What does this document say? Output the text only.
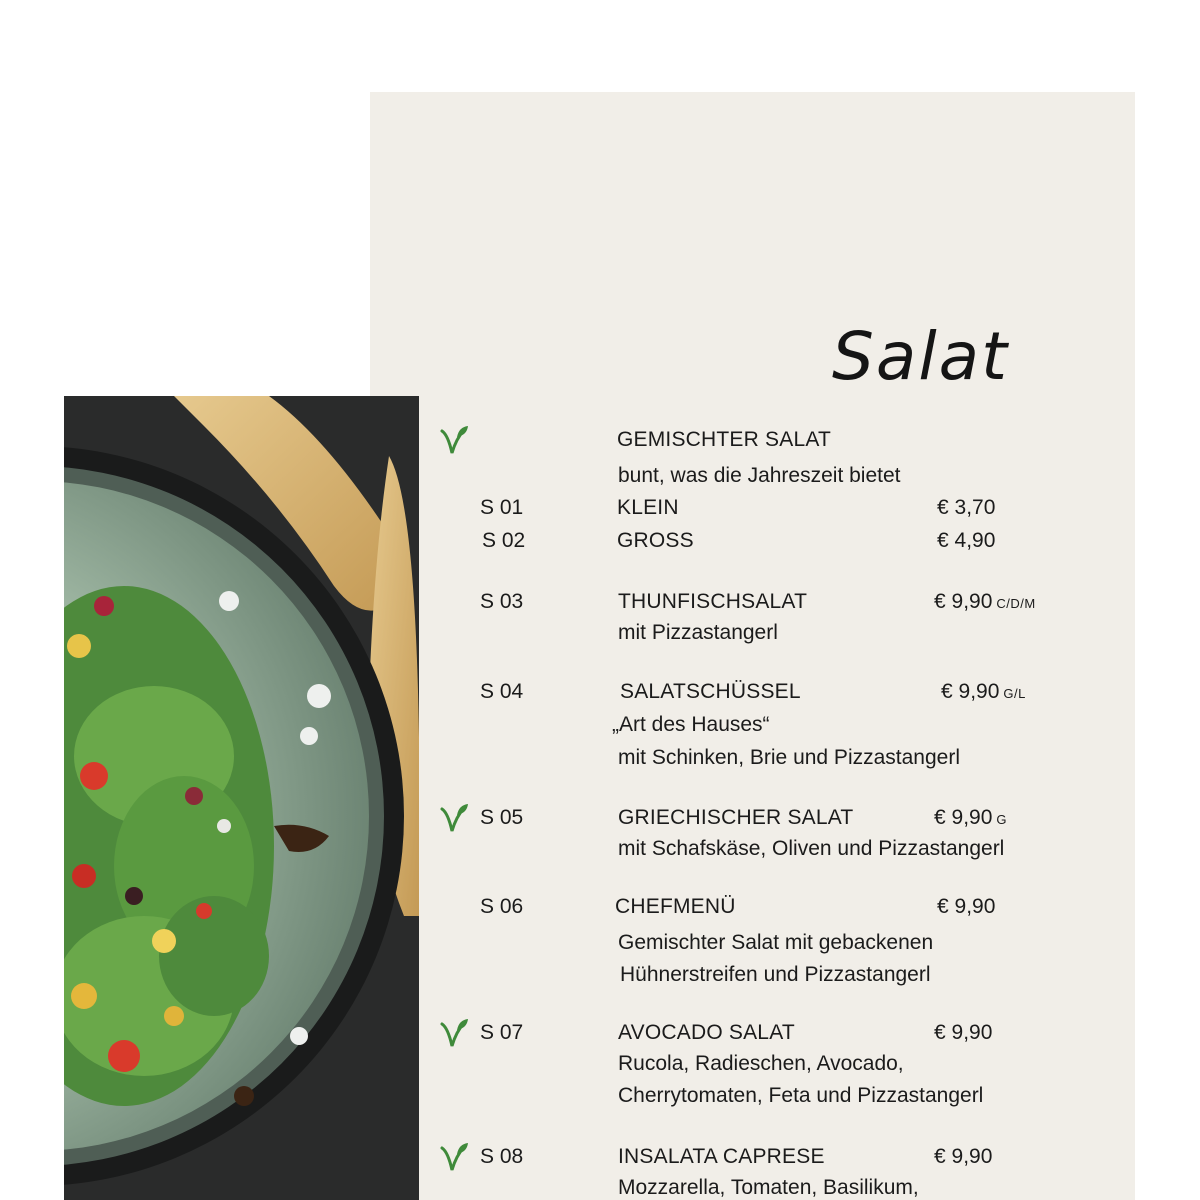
Salat
GEMISCHTER SALAT
bunt, was die Jahreszeit bietet
S 01	KLEIN	€ 3,70
S 02	GROSS	€ 4,90
S 03	THUNFISCHSALAT	€ 9,90 C/D/M
mit Pizzastangerl
S 04	SALATSCHÜSSEL	€ 9,90 G/L
„Art des Hauses“
mit Schinken, Brie und Pizzastangerl
S 05	GRIECHISCHER SALAT	€ 9,90 G
mit Schafskäse, Oliven und Pizzastangerl
S 06	CHEFMENÜ	€ 9,90
Gemischter Salat mit gebackenen
Hühnerstreifen und Pizzastangerl
S 07	AVOCADO SALAT	€ 9,90
Rucola, Radieschen, Avocado,
Cherrytomaten, Feta und Pizzastangerl
S 08	INSALATA CAPRESE	€ 9,90
Mozzarella, Tomaten, Basilikum,
